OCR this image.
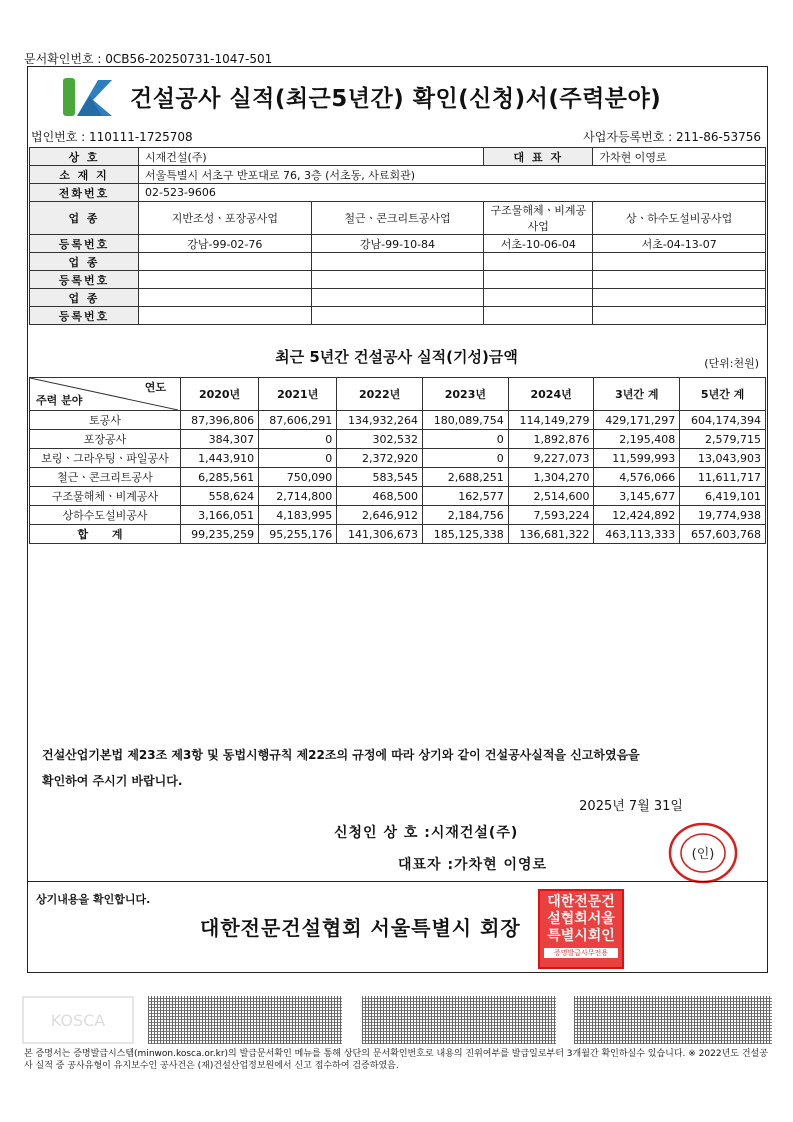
문서확인번호 : 0CB56-20250731-1047-501
건설공사 실적(최근5년간) 확인(신청)서(주력분야)
법인번호 : 110111-1725708	사업자등록번호 : 211-86-53756
상 호	시재건설(주)		대 표 자	가차현 이영로
소 재 지	서울특별시 서초구 반포대로 76, 3층 (서초동, 사료회관)			
전화번호	02-523-9606			
업 종	지반조성ㆍ포장공사업	철근ㆍ콘크리트공사업	구조물해체ㆍ비계공사업	상ㆍ하수도설비공사업
등록번호	강남-99-02-76	강남-99-10-84	서초-10-06-04	서초-04-13-07
업 종				
등록번호				
업 종				
등록번호				
최근 5년간 건설공사 실적(기성)금액	(단위:천원)
연도
주력 분야	2020년	2021년	2022년	2023년	2024년	3년간 계	5년간 계
토공사	87,396,806	87,606,291	134,932,264	180,089,754	114,149,279	429,171,297	604,174,394
포장공사	384,307	0	302,532	0	1,892,876	2,195,408	2,579,715
보링ㆍ그라우팅ㆍ파일공사	1,443,910	0	2,372,920	0	9,227,073	11,599,993	13,043,903
철근ㆍ콘크리트공사	6,285,561	750,090	583,545	2,688,251	1,304,270	4,576,066	11,611,717
구조물해체ㆍ비계공사	558,624	2,714,800	468,500	162,577	2,514,600	3,145,677	6,419,101
상하수도설비공사	3,166,051	4,183,995	2,646,912	2,184,756	7,593,224	12,424,892	19,774,938
합 계	99,235,259	95,255,176	141,306,673	185,125,338	136,681,322	463,113,333	657,603,768
건설산업기본법 제23조 제3항 및 동법시행규칙 제22조의 규정에 따라 상기와 같이 건설공사실적을 신고하였음을
확인하여 주시기 바랍니다.
2025년 7월 31일
신청인 상 호 :시재건설(주)
대표자 :가차현 이영로
(인)
상기내용을 확인합니다.
대한전문건설협회 서울특별시 회장
대한전문건
설협회서울
특별시회인
증명발급사무전용
KOSCA
본 증명서는 증명발급시스템(minwon.kosca.or.kr)의 발급문서확인 메뉴를 통해 상단의 문서확인번호로 내용의 진위여부를 발급일로부터 3개월간 확인하실수 있습니다. ※ 2022년도 건설공사 실적 중 공사유형이 유지보수인 공사건은 (재)건설산업정보원에서 신고 접수하여 검증하였음.
